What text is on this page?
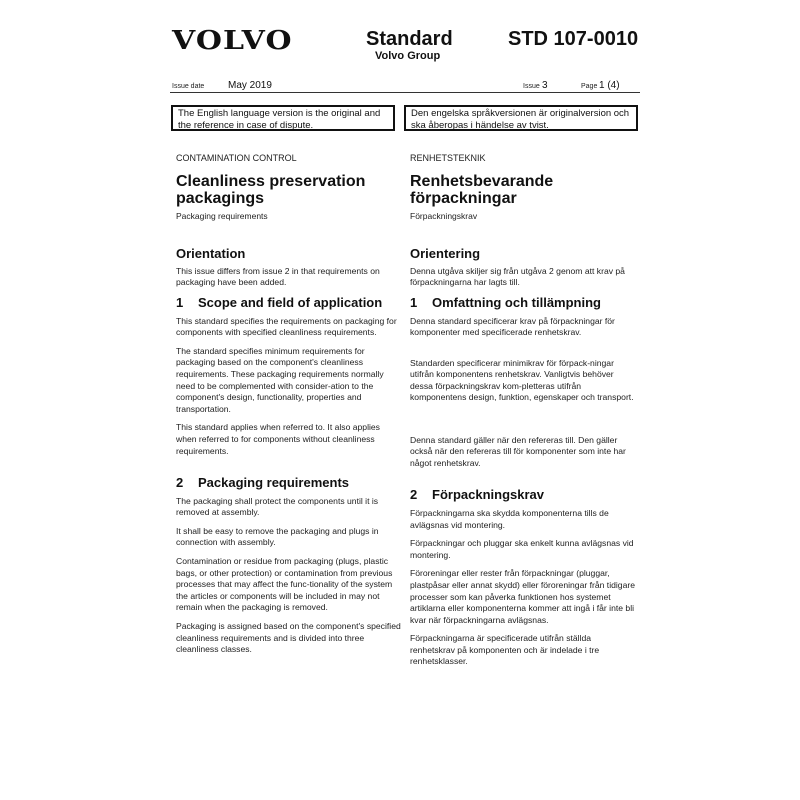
VOLVO	Standard
Volvo Group
STD 107-0010
Issue date May 2019	Issue 3	Page 1 (4)
The English language version is the original and the reference in case of dispute.
Den engelska språkversionen är originalversion och ska åberopas i händelse av tvist.
CONTAMINATION CONTROL
Cleanliness preservation
packagings
Packaging requirements
Orientation

This issue differs from issue 2 in that requirements on packaging have been added.

1 Scope and field of application

This standard specifies the requirements on packaging for components with specified cleanliness requirements.

The standard specifies minimum requirements for packaging based on the component's cleanliness requirements. These packaging requirements normally need to be complemented with consider-ation to the component's design, functionality, properties and transportation.

This standard applies when referred to. It also applies when referred to for components without cleanliness requirements.

2 Packaging requirements

The packaging shall protect the components until it is removed at assembly.

It shall be easy to remove the packaging and plugs in connection with assembly.

Contamination or residue from packaging (plugs, plastic bags, or other protection) or contamination from previous processes that may affect the func-tionality of the system the articles or components will be included in may not remain when the packaging is removed.

Packaging is assigned based on the component's specified cleanliness requirements and is divided into three cleanliness classes.

RENHETSTEKNIK
Renhetsbevarande
förpackningar
Förpackningskrav
Orientering

Denna utgåva skiljer sig från utgåva 2 genom att krav på förpackningarna har lagts till.

1 Omfattning och tillämpning

Denna standard specificerar krav på förpackningar för komponenter med specificerade renhetskrav.

Standarden specificerar minimikrav för förpack-ningar utifrån komponentens renhetskrav. Vanligtvis behöver dessa förpackningskrav kom-pletteras utifrån komponentens design, funktion, egenskaper och transport.

Denna standard gäller när den refereras till. Den gäller också när den refereras till för komponenter som inte har något renhetskrav.

2 Förpackningskrav

Förpackningarna ska skydda komponenterna tills de avlägsnas vid montering.

Förpackningar och pluggar ska enkelt kunna avlägsnas vid montering.

Föroreningar eller rester från förpackningar (pluggar, plastpåsar eller annat skydd) eller föroreningar från tidigare processer som kan påverka funktionen hos systemet artiklarna eller komponenterna kommer att ingå i får inte bli kvar när förpackningarna avlägsnas.

Förpackningarna är specificerade utifrån ställda renhetskrav på komponenten och är indelade i tre renhetsklasser.
